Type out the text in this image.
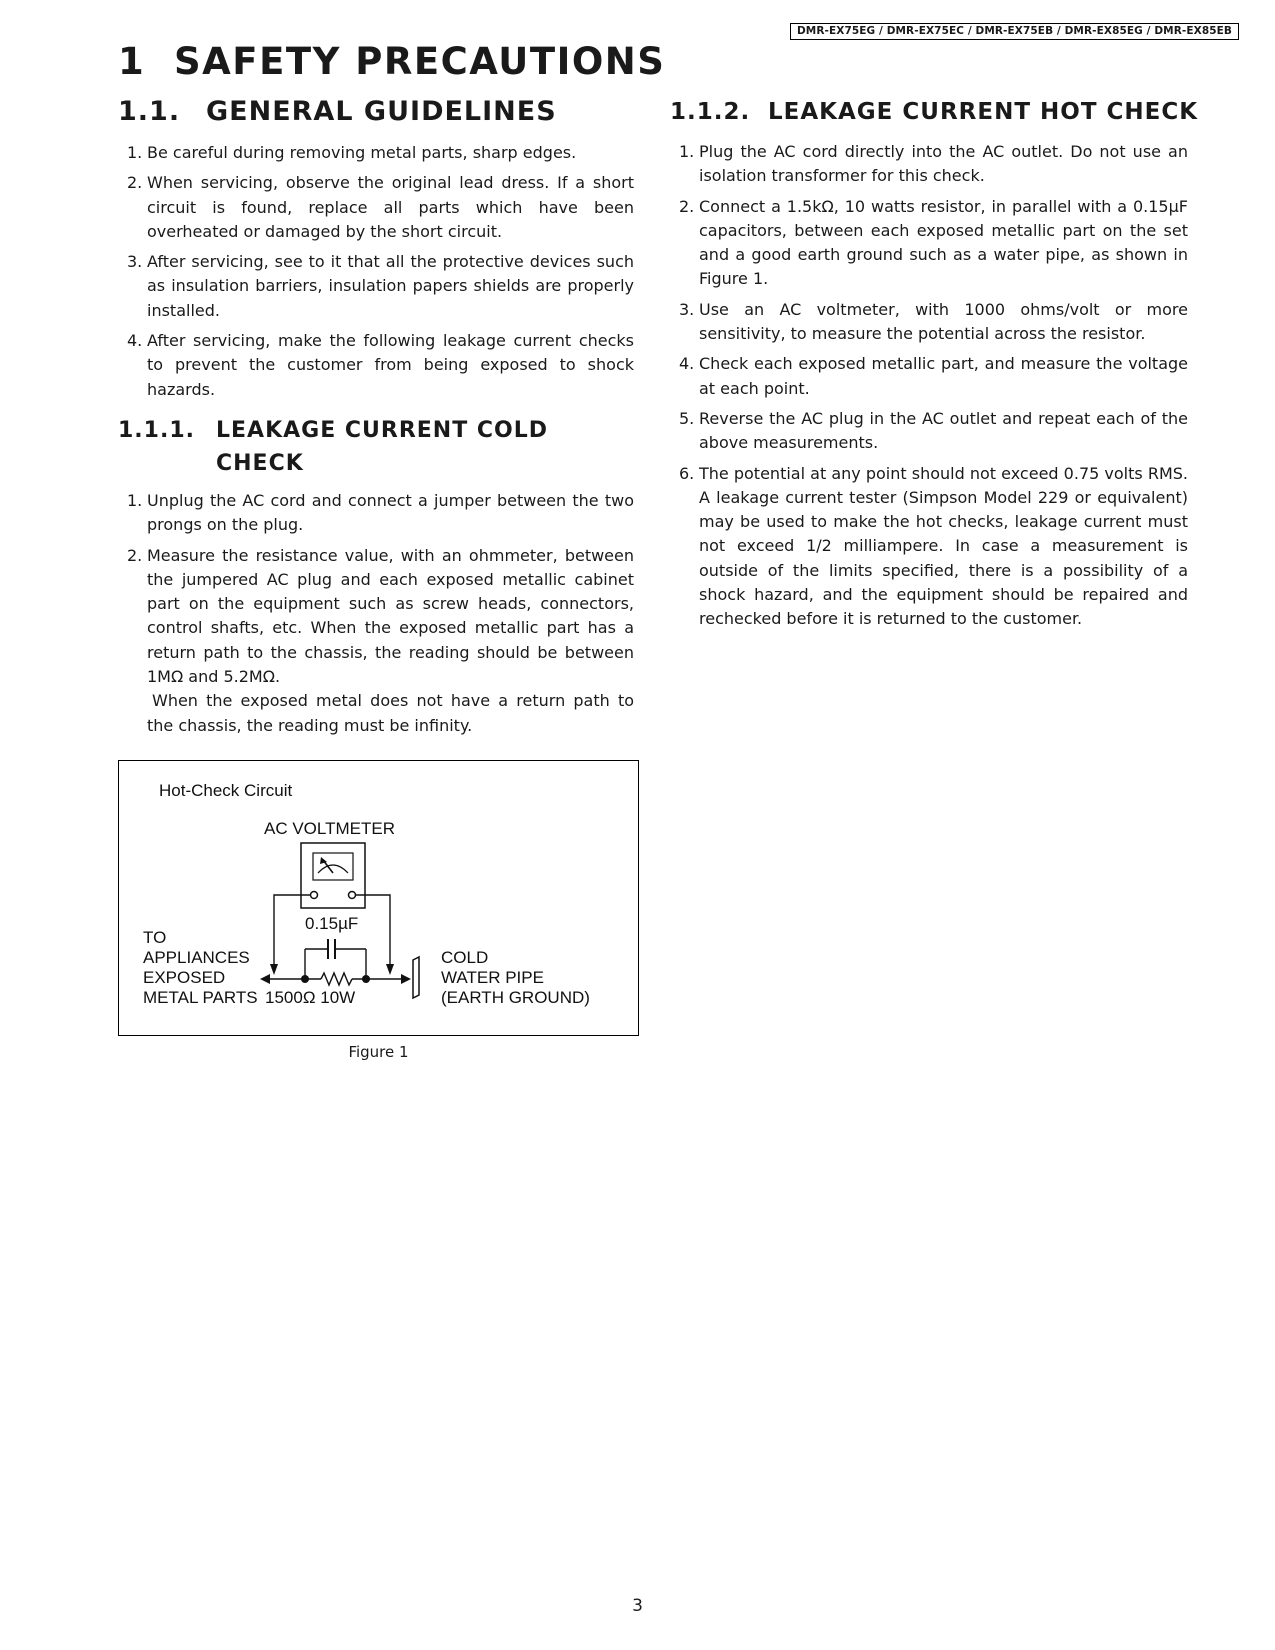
DMR-EX75EG / DMR-EX75EC / DMR-EX75EB / DMR-EX85EG / DMR-EX85EB
1 SAFETY PRECAUTIONS
1.1. GENERAL GUIDELINES
1. Be careful during removing metal parts, sharp edges.
2. When servicing, observe the original lead dress. If a short circuit is found, replace all parts which have been overheated or damaged by the short circuit.
3. After servicing, see to it that all the protective devices such as insulation barriers, insulation papers shields are properly installed.
4. After servicing, make the following leakage current checks to prevent the customer from being exposed to shock hazards.
1.1.1. LEAKAGE CURRENT COLD CHECK
1. Unplug the AC cord and connect a jumper between the two prongs on the plug.
2. Measure the resistance value, with an ohmmeter, between the jumpered AC plug and each exposed metallic cabinet part on the equipment such as screw heads, connectors, control shafts, etc. When the exposed metallic part has a return path to the chassis, the reading should be between 1MΩ and 5.2MΩ.
When the exposed metal does not have a return path to the chassis, the reading must be infinity.
Hot-Check Circuit
AC VOLTMETER
0.15µF
TO
APPLIANCES
EXPOSED
METAL PARTS 1500Ω 10W
COLD
WATER PIPE
(EARTH GROUND)
Figure 1
1.1.2. LEAKAGE CURRENT HOT CHECK
1. Plug the AC cord directly into the AC outlet. Do not use an isolation transformer for this check.
2. Connect a 1.5kΩ, 10 watts resistor, in parallel with a 0.15µF capacitors, between each exposed metallic part on the set and a good earth ground such as a water pipe, as shown in Figure 1.
3. Use an AC voltmeter, with 1000 ohms/volt or more sensitivity, to measure the potential across the resistor.
4. Check each exposed metallic part, and measure the voltage at each point.
5. Reverse the AC plug in the AC outlet and repeat each of the above measurements.
6. The potential at any point should not exceed 0.75 volts RMS. A leakage current tester (Simpson Model 229 or equivalent) may be used to make the hot checks, leakage current must not exceed 1/2 milliampere. In case a measurement is outside of the limits specified, there is a possibility of a shock hazard, and the equipment should be repaired and rechecked before it is returned to the customer.
3
